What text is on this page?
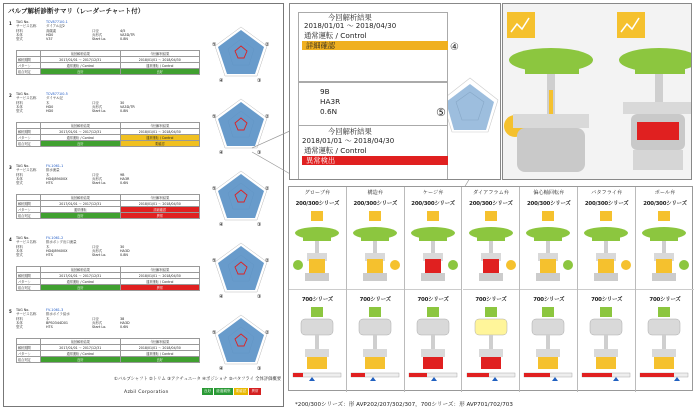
バルブ解析診断サマリ（レーダーチャート付）
1 TAG No.	TCV8771I0-1
サービス名称	ダイアル記2
材料	高碳素	口径	4/5
本体	HD0	弁形式	VA3D/TR
型式	V37	Start Lo.	0.8N
	前回解析結果	今回解析結果
解析期間	2017/01/01 ～ 2017/12/31	2018/01/01 ～ 2018/04/30
パターン	通常運転 / Control	通常運転 / Control
総合判定	良好	良好
⑤	②
④	③
2 TAG No.	TCV8771I0-5
サービス名称	ダイヤル記
材料	木	口径	30
本体	HD0	弁形式	VA3D/TR
型式	HD0	Start Lo.	0.8N
	前回解析結果	今回解析結果
解析期間	2017/01/01 ～ 2017/12/31	2018/01/01 ～ 2018/04/30
パターン	通常運転 / Control	通常運転 / Control
総合判定	良好	要確認
⑤	②
④	③
3 TAG No.	FV-1061-1
サービス名称	排水流量
材料	木	口径	9B
本体	HD4J89400X	弁形式	HA3R
型式	HTS	Start Lo.	0.6N
	前回解析結果	今回解析結果
解析期間	2017/01/01 ～ 2017/12/31	2018/01/01 ～ 2018/04/30
パターン	通常運転	詳細確認
総合判定	良好	異常
⑤	②
④	③
4 TAG No.	FV-1061-2
サービス名称	排水ポンプ出口流量
材料	木	口径	30
本体	HD4J89400X	弁形式	HA3D
型式	HTS	Start Lo.	0.8N
	前回解析結果	今回解析結果
解析期間	2017/01/01 ～ 2017/12/31	2018/01/01 ～ 2018/04/30
パターン	通常運転 / Control	通常運転 / Control
総合判定	良好	異常
⑤	②
④	③
5 TAG No.	FV-1061-3
サービス名称	排水ボイラ給水
材料	木	口径	38
本体	BPS0344D01	弁形式	HA3D
型式	HTS	Start Lo.	0.6N
	前回解析結果	今回解析結果
解析期間	2017/01/01 ～ 2017/12/31	2018/01/01 ～ 2018/04/30
パターン	通常運転 / Control	通常運転 / Control
総合判定	良好	良好
⑤	②
④	③
①バルブシャフト ②トリム ③アクチュエータ ④ポジショナ ⑤バタフライ 全体評価概要
Azbil Corporation	良好	経過観察	要確認	異常
今回解析結果
2018/01/01 ～ 2018/04/30
通常運転 / Control
詳細確認	④
9B
HA3R
0.6N	⑤
今回解析結果
2018/01/01 ～ 2018/04/30
通常運転 / Control
異常検出
グローブ弁
200/300シリーズ
700シリーズ
構造弁
200/300シリーズ
700シリーズ
ケージ弁
200/300シリーズ
700シリーズ
ダイアフラム弁
200/300シリーズ
700シリーズ
偏心軸回転弁
200/300シリーズ
700シリーズ
バタフライ弁
200/300シリーズ
700シリーズ
ボール弁
200/300シリーズ
700シリーズ
*200/300シリーズ：形 AVP202/207/302/307，700シリーズ：形 AVP701/702/703
